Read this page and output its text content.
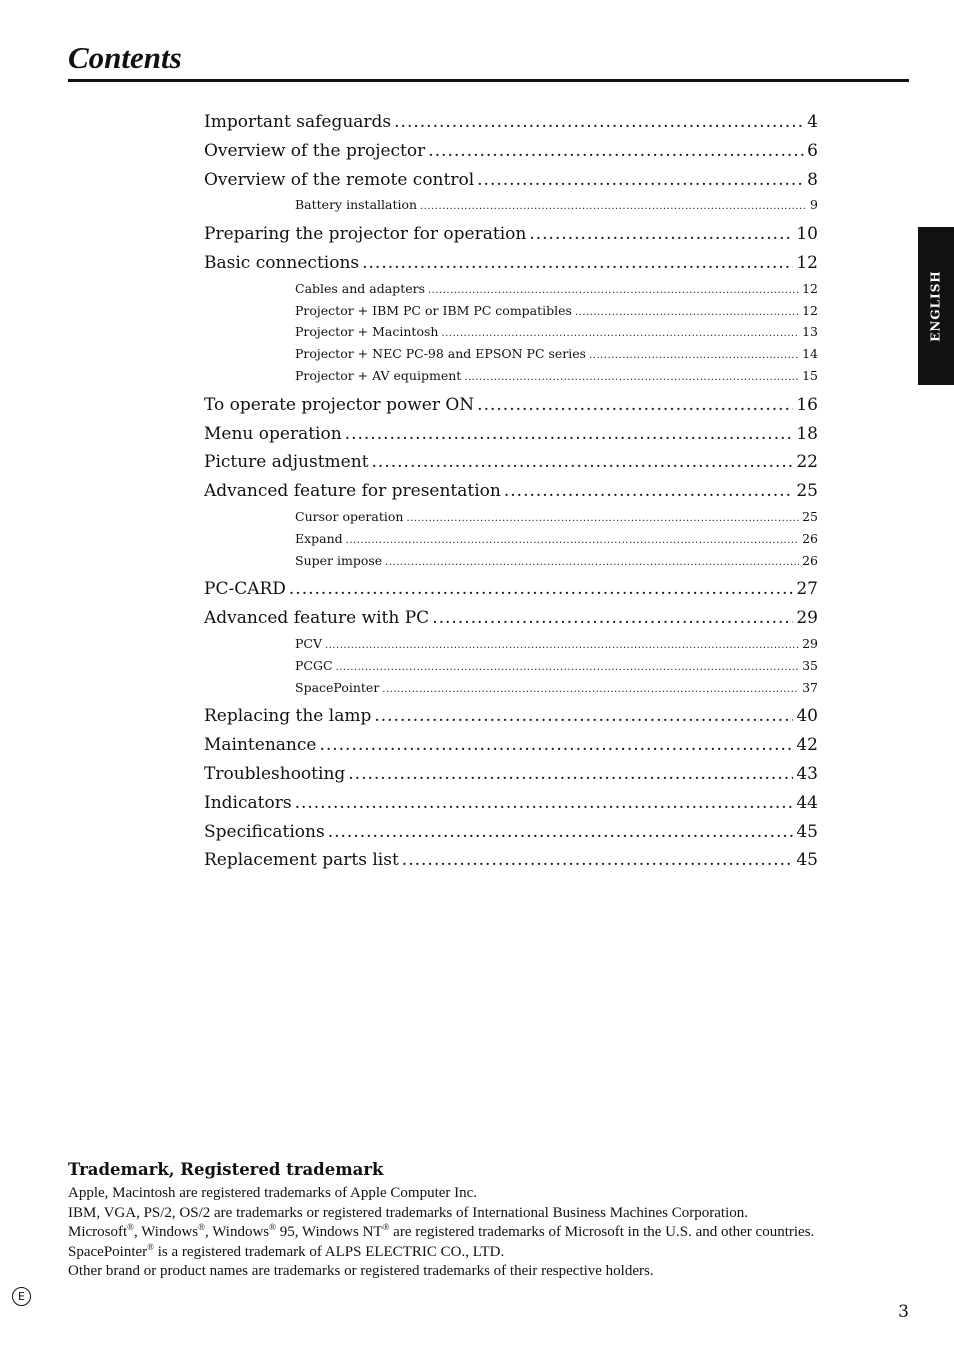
Contents
Important safeguards .....	4
Overview of the projector .....	6
Overview of the remote control .....	8
Battery installation .....	9
Preparing the projector for operation .....	10
Basic connections .....	12
Cables and adapters .....	12
Projector + IBM PC or IBM PC compatibles .....	12
Projector + Macintosh .....	13
Projector + NEC PC-98 and EPSON PC series .....	14
Projector + AV equipment .....	15
To operate projector power ON .....	16
Menu operation .....	18
Picture adjustment .....	22
Advanced feature for presentation .....	25
Cursor operation .....	25
Expand .....	26
Super impose .....	26
PC-CARD .....	27
Advanced feature with PC .....	29
PCV .....	29
PCGC .....	35
SpacePointer .....	37
Replacing the lamp .....	40
Maintenance .....	42
Troubleshooting .....	43
Indicators .....	44
Specifications .....	45
Replacement parts list .....	45
ENGLISH
Trademark, Registered trademark
Apple, Macintosh are registered trademarks of Apple Computer Inc.
IBM, VGA, PS/2, OS/2 are trademarks or registered trademarks of International Business Machines Corporation.
Microsoft®, Windows®, Windows® 95, Windows NT® are registered trademarks of Microsoft in the U.S. and other countries.
SpacePointer® is a registered trademark of ALPS ELECTRIC CO., LTD.
Other brand or product names are trademarks or registered trademarks of their respective holders.
E
3
